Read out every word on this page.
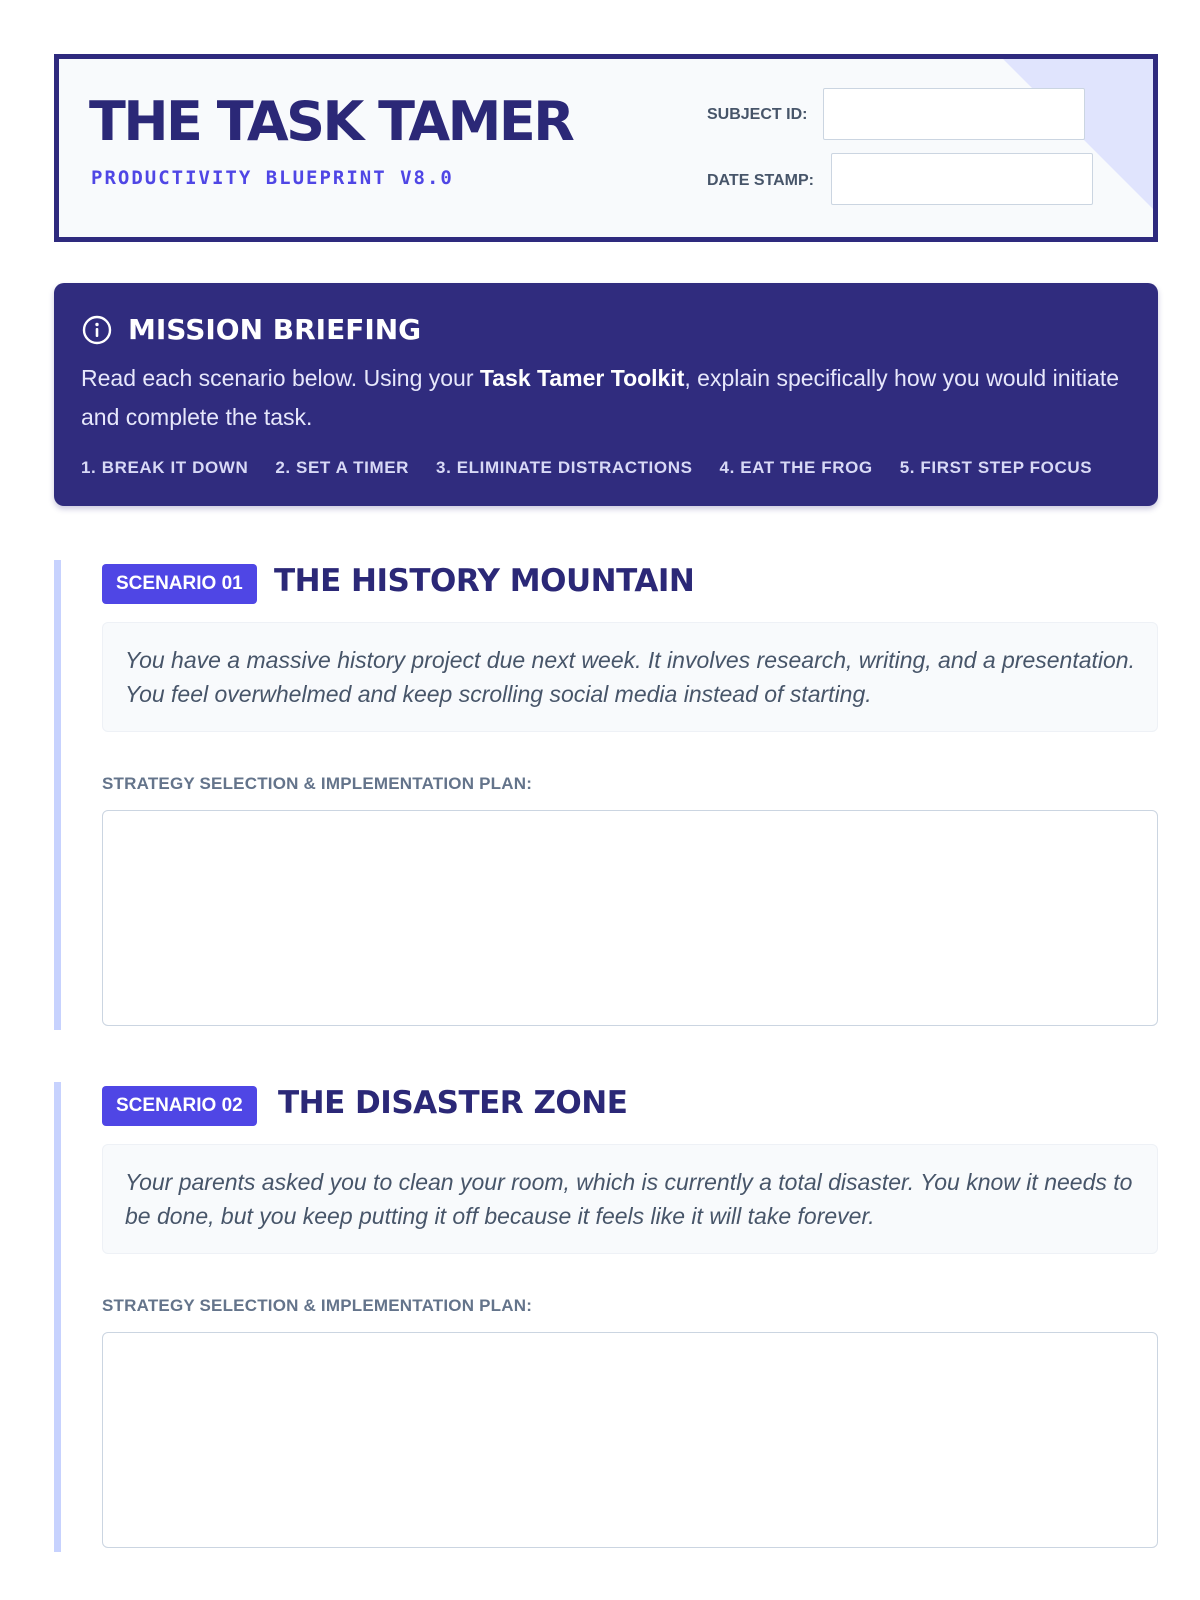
THE TASK TAMER
PRODUCTIVITY BLUEPRINT V8.0
SUBJECT ID:
DATE STAMP:
MISSION BRIEFING
Read each scenario below. Using your Task Tamer Toolkit, explain specifically how you would initiate and complete the task.
1. BREAK IT DOWN 2. SET A TIMER 3. ELIMINATE DISTRACTIONS 4. EAT THE FROG 5. FIRST STEP FOCUS
SCENARIO 01	THE HISTORY MOUNTAIN
You have a massive history project due next week. It involves research, writing, and a presentation. You feel overwhelmed and keep scrolling social media instead of starting.
STRATEGY SELECTION & IMPLEMENTATION PLAN:
SCENARIO 02	THE DISASTER ZONE
Your parents asked you to clean your room, which is currently a total disaster. You know it needs to be done, but you keep putting it off because it feels like it will take forever.
STRATEGY SELECTION & IMPLEMENTATION PLAN:
